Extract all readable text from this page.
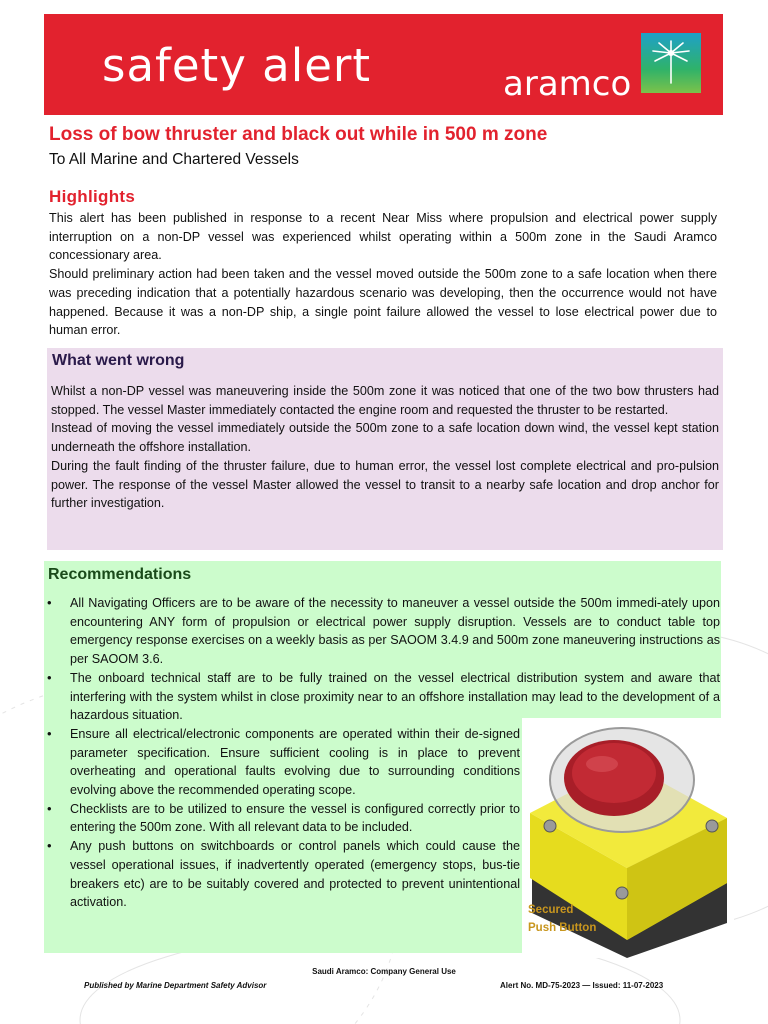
safety alert	aramco
Loss of bow thruster and black out while in 500 m zone
To All Marine and Chartered Vessels
Highlights

This alert has been published in response to a recent Near Miss where propulsion and electrical power supply interruption on a non-DP vessel was experienced whilst operating within a 500m zone in the Saudi Aramco concessionary area.

Should preliminary action had been taken and the vessel moved outside the 500m zone to a safe location when there was preceding indication that a potentially hazardous scenario was developing, then the occurrence would not have happened. Because it was a non-DP ship, a single point failure allowed the vessel to lose electrical power due to human error.

What went wrong

Whilst a non-DP vessel was maneuvering inside the 500m zone it was noticed that one of the two bow thrusters had stopped. The vessel Master immediately contacted the engine room and requested the thruster to be restarted.

Instead of moving the vessel immediately outside the 500m zone to a safe location down wind, the vessel kept station underneath the offshore installation.

During the fault finding of the thruster failure, due to human error, the vessel lost complete electrical and pro-pulsion power. The response of the vessel Master allowed the vessel to transit to a nearby safe location and drop anchor for further investigation.

Recommendations
• All Navigating Officers are to be aware of the necessity to maneuver a vessel outside the 500m immedi-ately upon encountering ANY form of propulsion or electrical power supply disruption. Vessels are to conduct table top emergency response exercises on a weekly basis as per SAOOM 3.4.9 and 500m zone maneuvering instructions as per SAOOM 3.6.
• The onboard technical staff are to be fully trained on the vessel electrical distribution system and aware that interfering with the system whilst in close proximity near to an offshore installation may lead to the development of a hazardous situation.
• Ensure all electrical/electronic components are operated within their de-signed parameter specification. Ensure sufficient cooling is in place to prevent overheating and operational faults evolving due to surrounding conditions evolving above the recommended operating scope.
• Checklists are to be utilized to ensure the vessel is configured correctly prior to entering the 500m zone. With all relevant data to be included.
• Any push buttons on switchboards or control panels which could cause the vessel operational issues, if inadvertently operated (emergency stops, bus-tie breakers etc) are to be suitably covered and protected to prevent unintentional activation.
Secured
Push Button
Saudi Aramco: Company General Use
Published by Marine Department Safety Advisor	Alert No. MD-75-2023 — Issued: 11-07-2023
